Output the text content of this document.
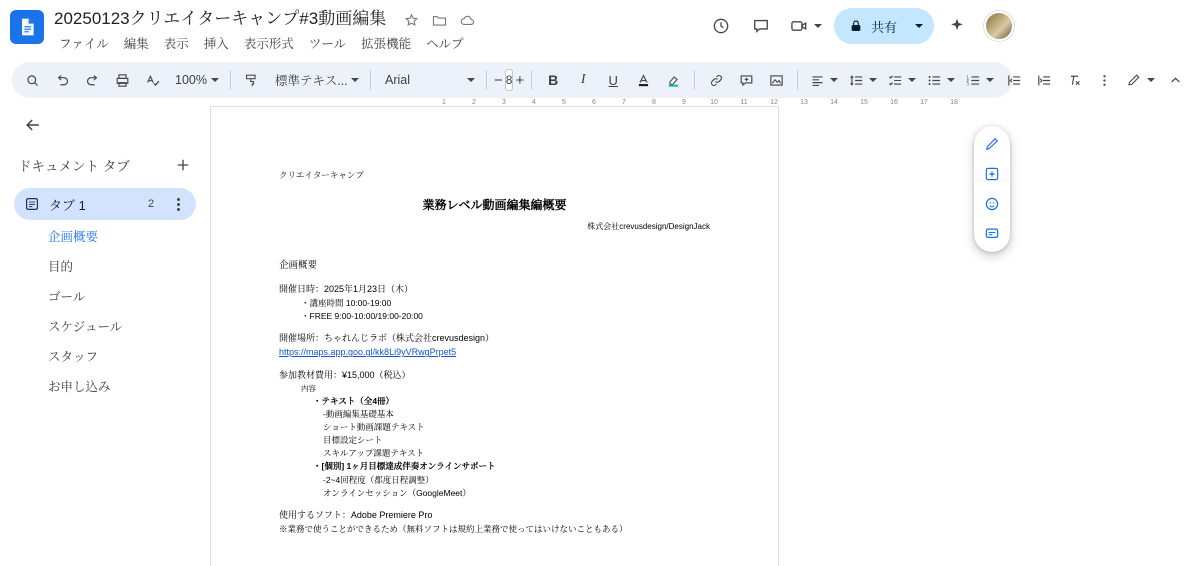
20250123クリエイターキャンプ#3動画編集
ファイル	編集	表示	挿入	表示形式	ツール	拡張機能	ヘルプ
共有
100%	標準テキス...	Arial	− 8 +	B	I	U	1
2
3
ドキュメント タブ
タブ 1	2
企画概要
目的
ゴール
スケジュール
スタッフ
お申し込み
1	2	3	4	5	6	7	8	9	10	11	12	13	14	15	16	17	18
クリエイターキャンプ
業務レベル動画編集編概要
株式会社crevusdesign/DesignJack
企画概要
開催日時：2025年1月23日（木）
・講座時間 10:00-19:00
・FREE 9:00-10:00/19:00-20:00
開催場所：ちゃれんじラボ（株式会社crevusdesign）
https://maps.app.goo.gl/kk8Li9yVRwgPrpet5
参加教材費用：¥15,000（税込）
内容
・テキスト（全4冊）
-動画編集基礎基本
ショート動画課題テキスト
目標設定シート
スキルアップ課題テキスト
・[個別] 1ヶ月目標達成伴奏オンラインサポート
-2~4回程度（都度日程調整）
オンラインセッション（GoogleMeet）
使用するソフト：Adobe Premiere Pro
※業務で使うことができるため（無料ソフトは規約上業務で使ってはいけないこともある）
